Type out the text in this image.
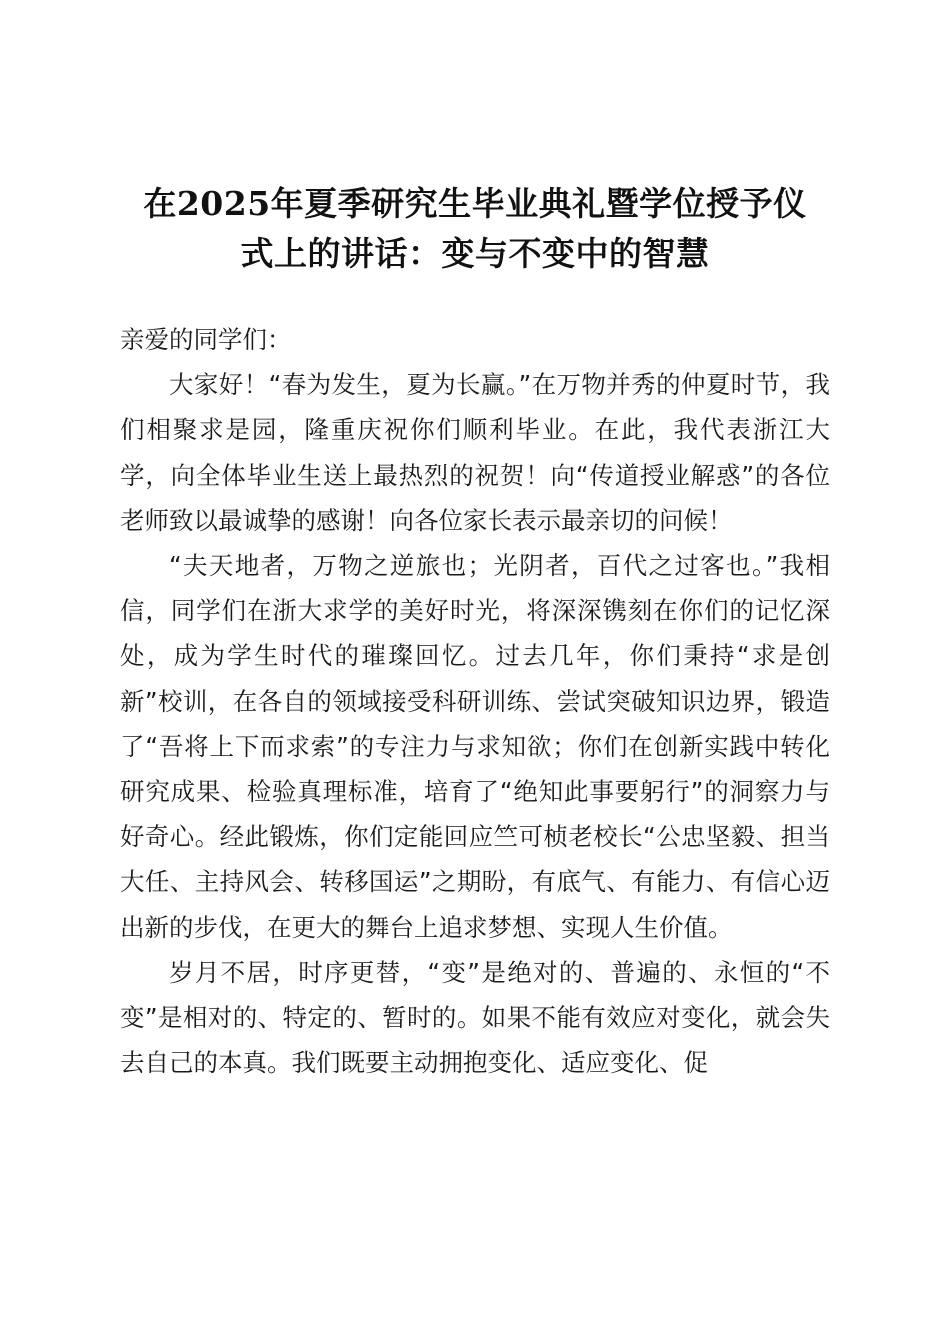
在2025年夏季研究生毕业典礼暨学位授予仪
式上的讲话：变与不变中的智慧

亲爱的同学们：

大家好！“春为发生，夏为长赢。”在万物并秀的仲夏时节，我们相聚求是园，隆重庆祝你们顺利毕业。在此，我代表浙江大学，向全体毕业生送上最热烈的祝贺！向“传道授业解惑”的各位老师致以最诚挚的感谢！向各位家长表示最亲切的问候！

“夫天地者，万物之逆旅也；光阴者，百代之过客也。”我相信，同学们在浙大求学的美好时光，将深深镌刻在你们的记忆深处，成为学生时代的璀璨回忆。过去几年，你们秉持“求是创新”校训，在各自的领域接受科研训练、尝试突破知识边界，锻造了“吾将上下而求索”的专注力与求知欲；你们在创新实践中转化研究成果、检验真理标准，培育了“绝知此事要躬行”的洞察力与好奇心。经此锻炼，你们定能回应竺可桢老校长“公忠坚毅、担当大任、主持风会、转移国运”之期盼，有底气、有能力、有信心迈出新的步伐，在更大的舞台上追求梦想、实现人生价值。

岁月不居，时序更替，“变”是绝对的、普遍的、永恒的“不变”是相对的、特定的、暂时的。如果不能有效应对变化，就会失去自己的本真。我们既要主动拥抱变化、适应变化、促
